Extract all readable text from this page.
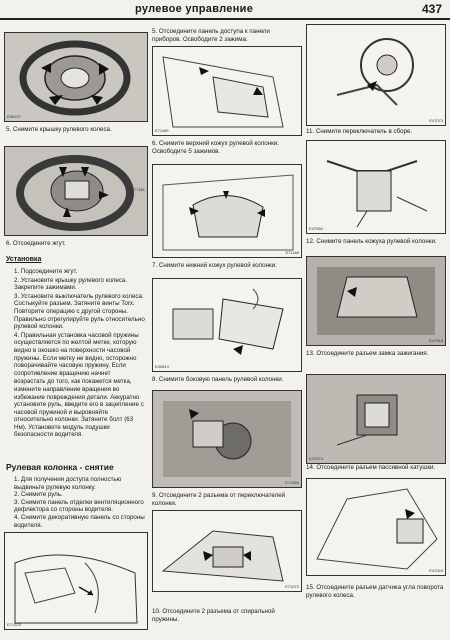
рулевое управление	437
E56107
5. Снимите крышку рулевого колеса.
E77161
6. Отсоедините жгут.
Установка
1. Подсоедините жгут.
2. Установите крышку рулевого колеса. Закрепите зажимами.
3. Установите выключатель рулевого колеса. Состыкуйте разъем. Затяните винты Torx. Повторите операцию с другой стороны. Правильно отрегулируйте руль относительно рулевой колонки.
4. Правильная установка часовой пружины осуществляется по желтой метке, которую видно в окошко на поверхности часовой пружины. Если метку не видно, осторожно поворачивайте часовую пружину. Если сопротивление вращению начнет
возрастать до того, как покажется метка, измените направление вращения во избежание повреждения детали. Аккуратно установите руль, введите его в зацепление с часовой пружиной и выровняйте относительно колонки. Затяните болт (63 Нм). Установите модуль подушки безопасности водителя.
Рулевая колонка - снятие
1. Для получения доступа полностью выдвиньте рулевую колонку.
2. Снимите руль.
3. Снимите панель отделки вентиляционного дефлектора со стороны водителя.
4. Снимите декоративную панель со стороны водителя.
E71223
5. Отсоедините панель доступа к панели приборов. Освободите 2 зажима.
E71189
6. Снимите верхний кожух рулевой колонки. Освободите 5 зажимов.
E71185
7. Снимите нижний кожух рулевой колонки.
E40814
8. Снимите боковую панель рулевой колонки.
E71084
9. Отсоедините 2 разъема от переключателей колонки.
E71072
10. Отсоедините 2 разъема от спиральной пружины.
E47073
11. Снимите переключатель в сборе.
E47080
12. Снимите панель кожуха рулевой колонки.
E47018
13. Отсоедините разъем замка зажигания.
E47074
14. Отсоедините разъем пассивной катушки.
E47024
15. Отсоедините разъем датчика угла поворота рулевого колеса.
